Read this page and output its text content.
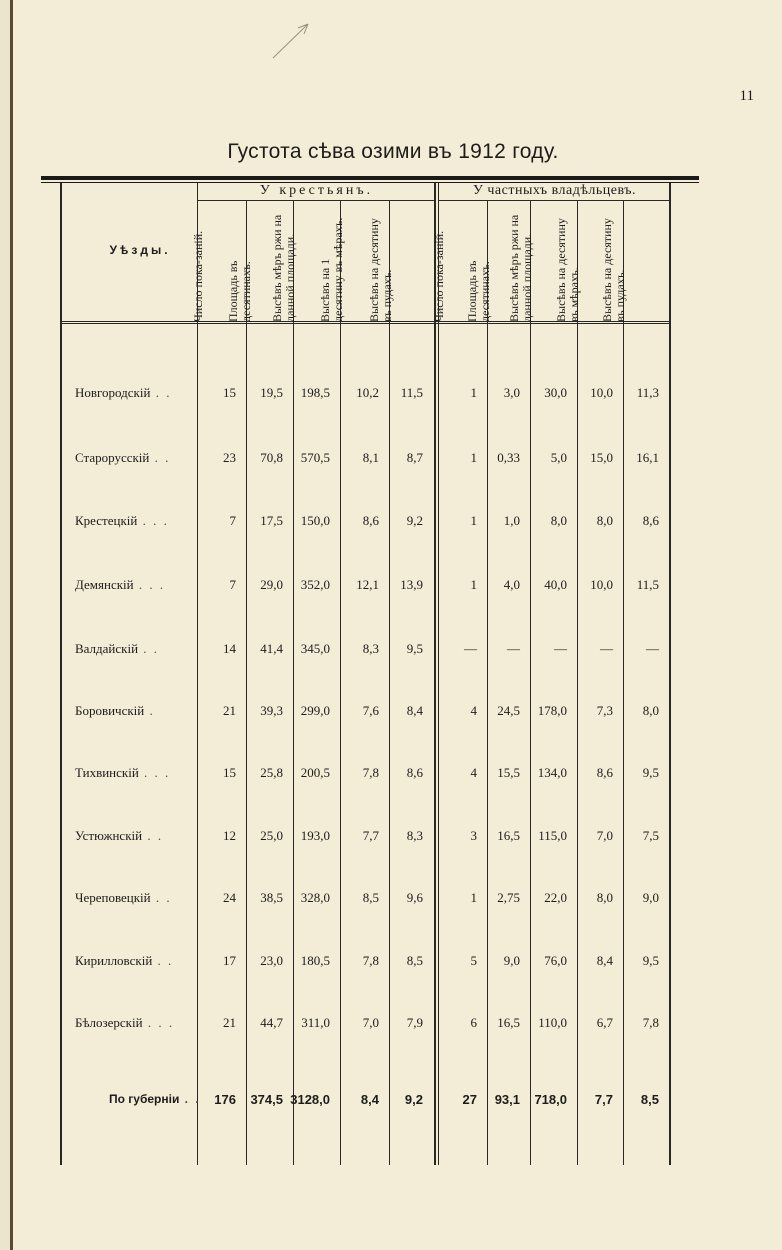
11
Густота сѣва озими въ 1912 году.
У крестьянъ.	У частныхъ владѣльцевъ.
Уѣзды.	Число пока-заній. Площадь въ десятинахъ. Высѣвъ мѣръ ржи на данной площади. Высѣвъ на 1 десятину въ мѣрахъ. Высѣвъ на десятину въ пудахъ.	Число пока-заній. Площадь въ десятинахъ. Высѣвъ мѣръ ржи на данной площади. Высѣвъ на десятину въ мѣрахъ. Высѣвъ на десятину въ пудахъ.
Новгородскій . .	15 19,5 198,5 10,2 11,5	1 3,0 30,0 10,0 11,3
Старорусскій . .	23 70,8 570,5	8,1 8,7	1 0,33 5,0 15,0 16,1
Крестецкій . . .	7 17,5 150,0	8,6 9,2	1 1,0 8,0 8,0 8,6
Демянскій . . .	7 29,0 352,0 12,1 13,9	1 4,0 40,0 10,0 11,5
Валдайскій . .	14 41,4 345,0	8,3 9,5	— —	—	—	—
Боровичскій .	21 39,3 299,0	7,6 8,4	4 24,5 178,0 7,3 8,0
Тихвинскій . . .	15 25,8 200,5	7,8 8,6	4 15,5 134,0 8,6 9,5
Устюжнскій . .	12 25,0 193,0	7,7 8,3	3 16,5 115,0 7,0 7,5
Череповецкій . .	24 38,5 328,0	8,5 9,6	1 2,75 22,0 8,0 9,0
Кирилловскій . .	17 23,0 180,5	7,8 8,5	5 9,0 76,0 8,4 9,5
Бѣлозерскій . . .	21 44,7 311,0	7,0 7,9	6 16,5 110,0 6,7 7,8
По губерніи . .	176 374,5 3128,0 8,4 9,2	27 93,1 718,0 7,7 8,5
